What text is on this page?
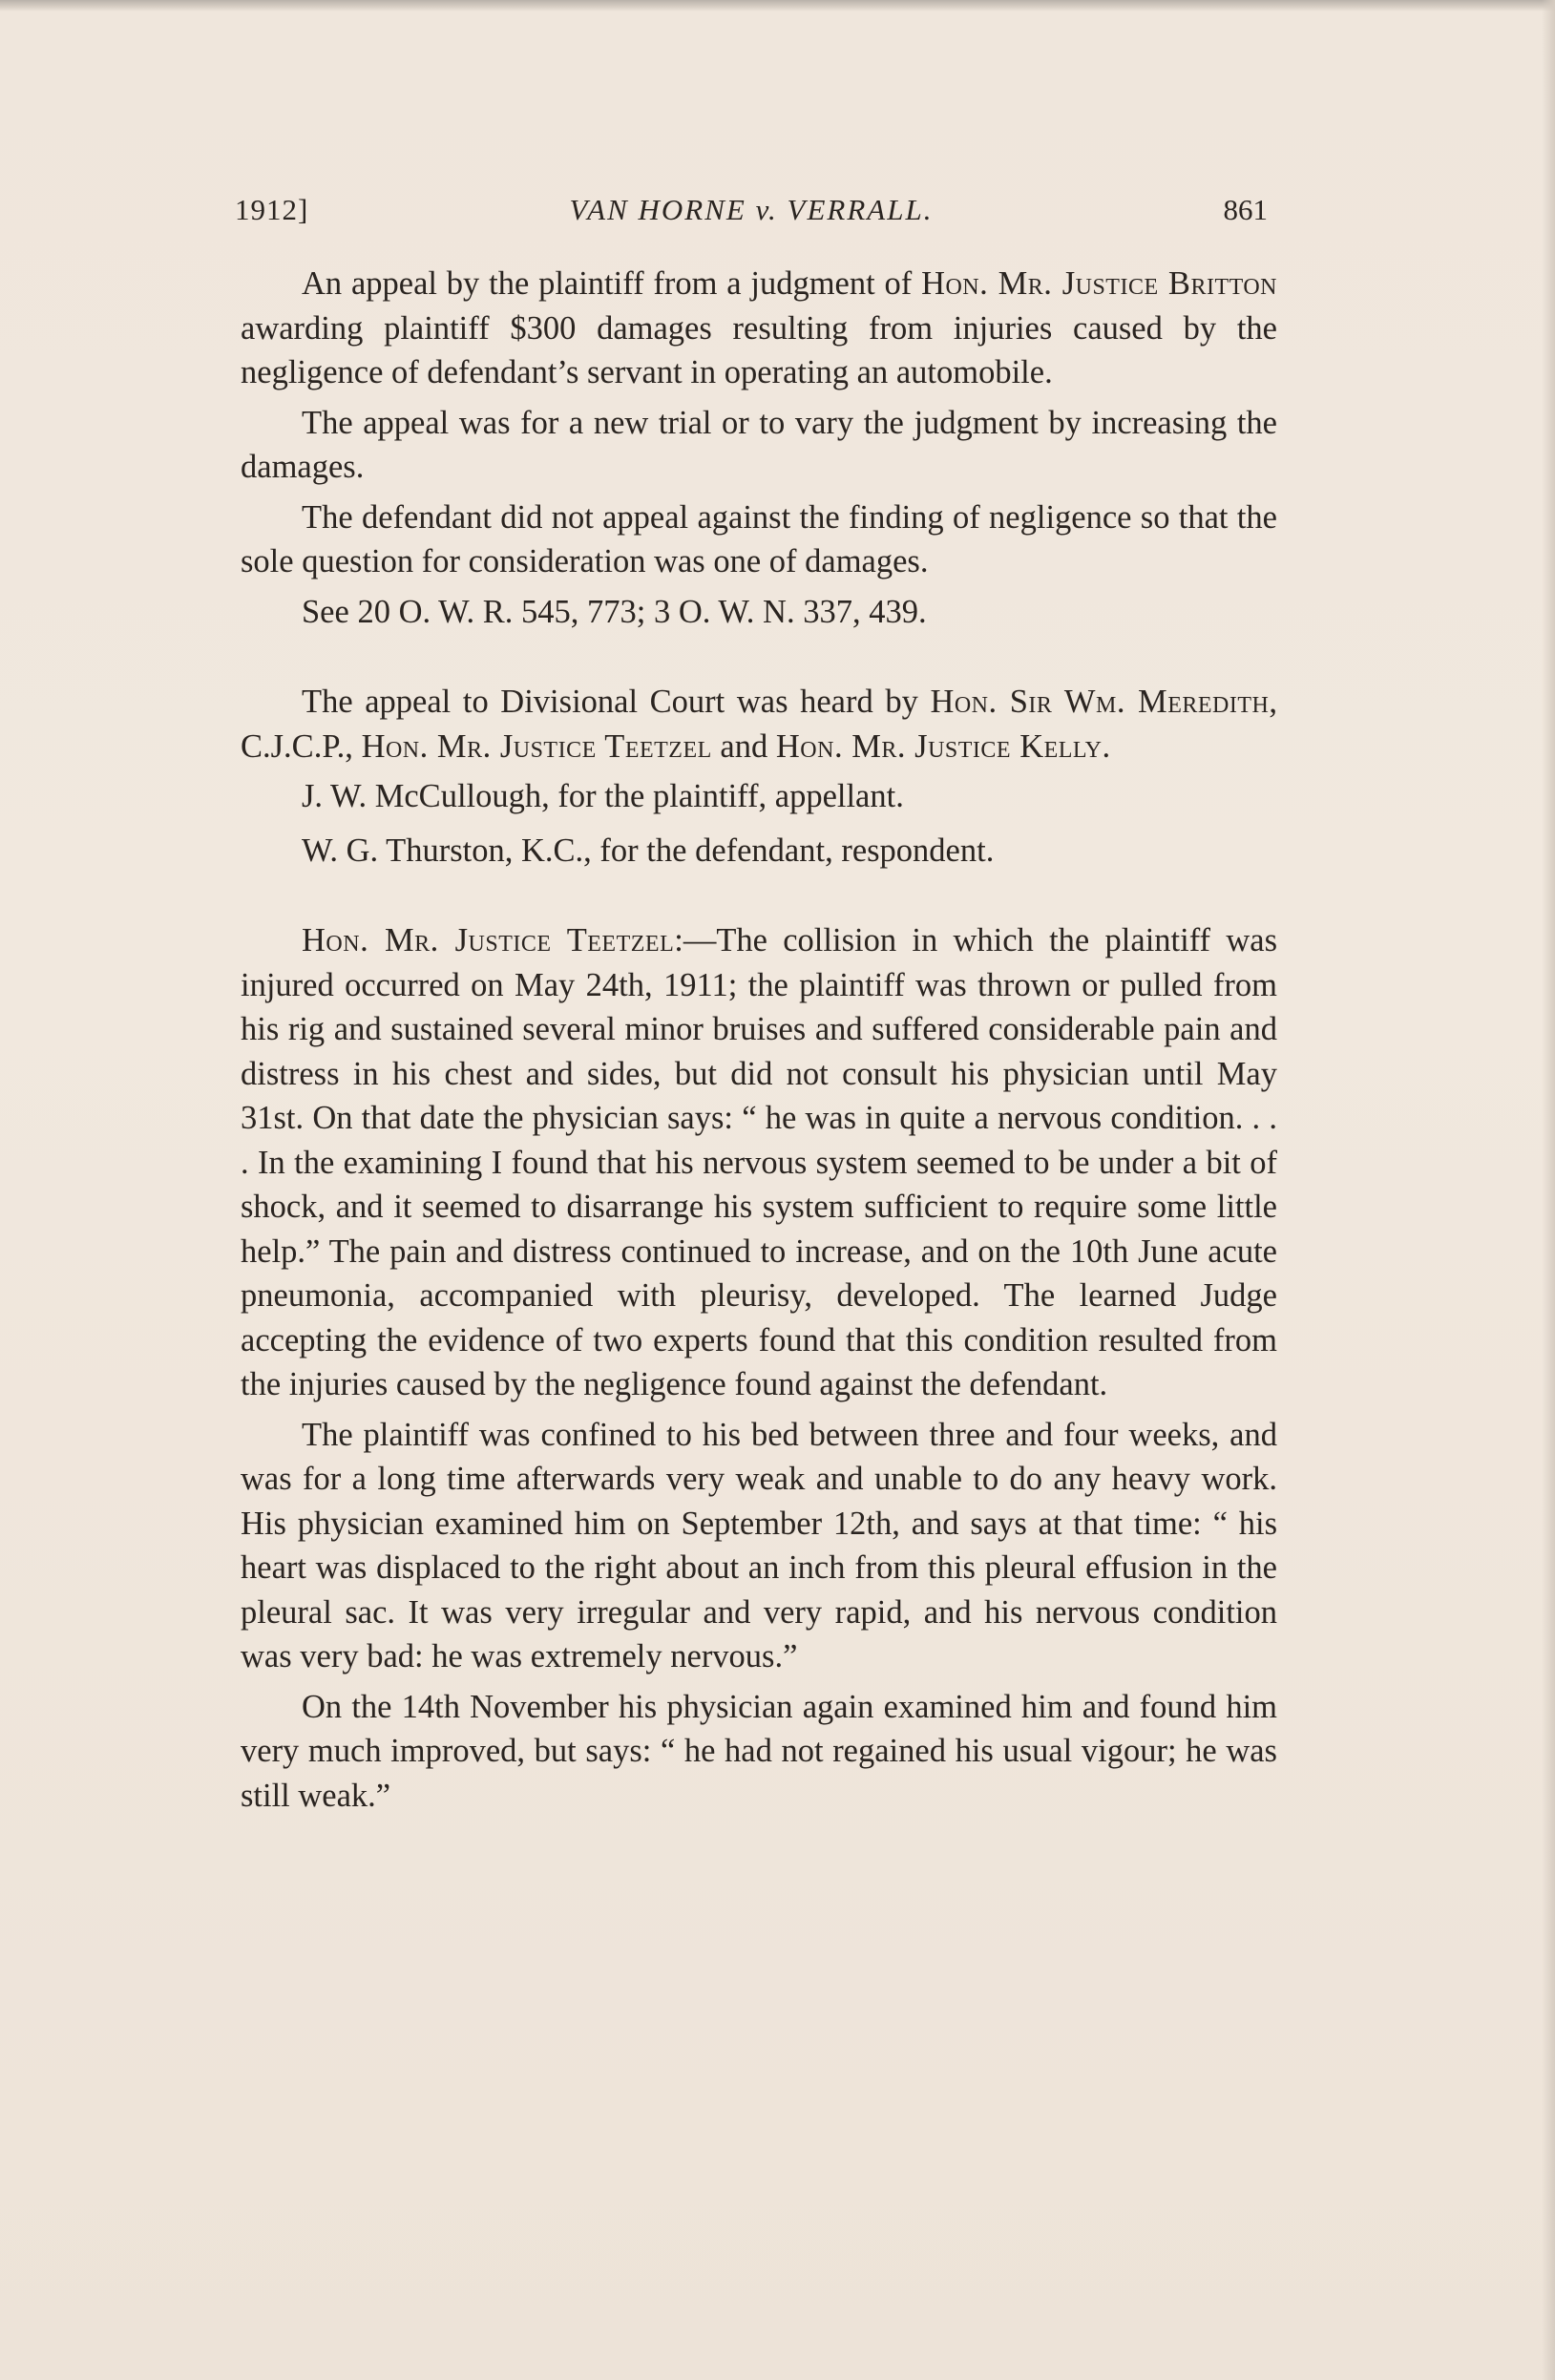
1912]	VAN HORNE v. VERRALL.	861

An appeal by the plaintiff from a judgment of Hon. Mr. Justice Britton awarding plaintiff $300 damages resulting from injuries caused by the negligence of defendant’s servant in operating an automobile.

The appeal was for a new trial or to vary the judgment by increasing the damages.

The defendant did not appeal against the finding of negligence so that the sole question for consideration was one of damages.

See 20 O. W. R. 545, 773; 3 O. W. N. 337, 439.

The appeal to Divisional Court was heard by Hon. Sir Wm. Meredith, C.J.C.P., Hon. Mr. Justice Teetzel and Hon. Mr. Justice Kelly.

J. W. McCullough, for the plaintiff, appellant.

W. G. Thurston, K.C., for the defendant, respondent.

Hon. Mr. Justice Teetzel:—The collision in which the plaintiff was injured occurred on May 24th, 1911; the plaintiff was thrown or pulled from his rig and sustained several minor bruises and suffered considerable pain and distress in his chest and sides, but did not consult his physician until May 31st. On that date the physician says: “ he was in quite a nervous condition. . . . In the examining I found that his nervous system seemed to be under a bit of shock, and it seemed to disarrange his system sufficient to require some little help.” The pain and distress continued to increase, and on the 10th June acute pneumonia, accompanied with pleurisy, developed. The learned Judge accepting the evidence of two experts found that this condition resulted from the injuries caused by the negligence found against the defendant.

The plaintiff was confined to his bed between three and four weeks, and was for a long time afterwards very weak and unable to do any heavy work. His physician examined him on September 12th, and says at that time: “ his heart was displaced to the right about an inch from this pleural effusion in the pleural sac. It was very irregular and very rapid, and his nervous condition was very bad: he was extremely nervous.”

On the 14th November his physician again examined him and found him very much improved, but says: “ he had not regained his usual vigour; he was still weak.”
